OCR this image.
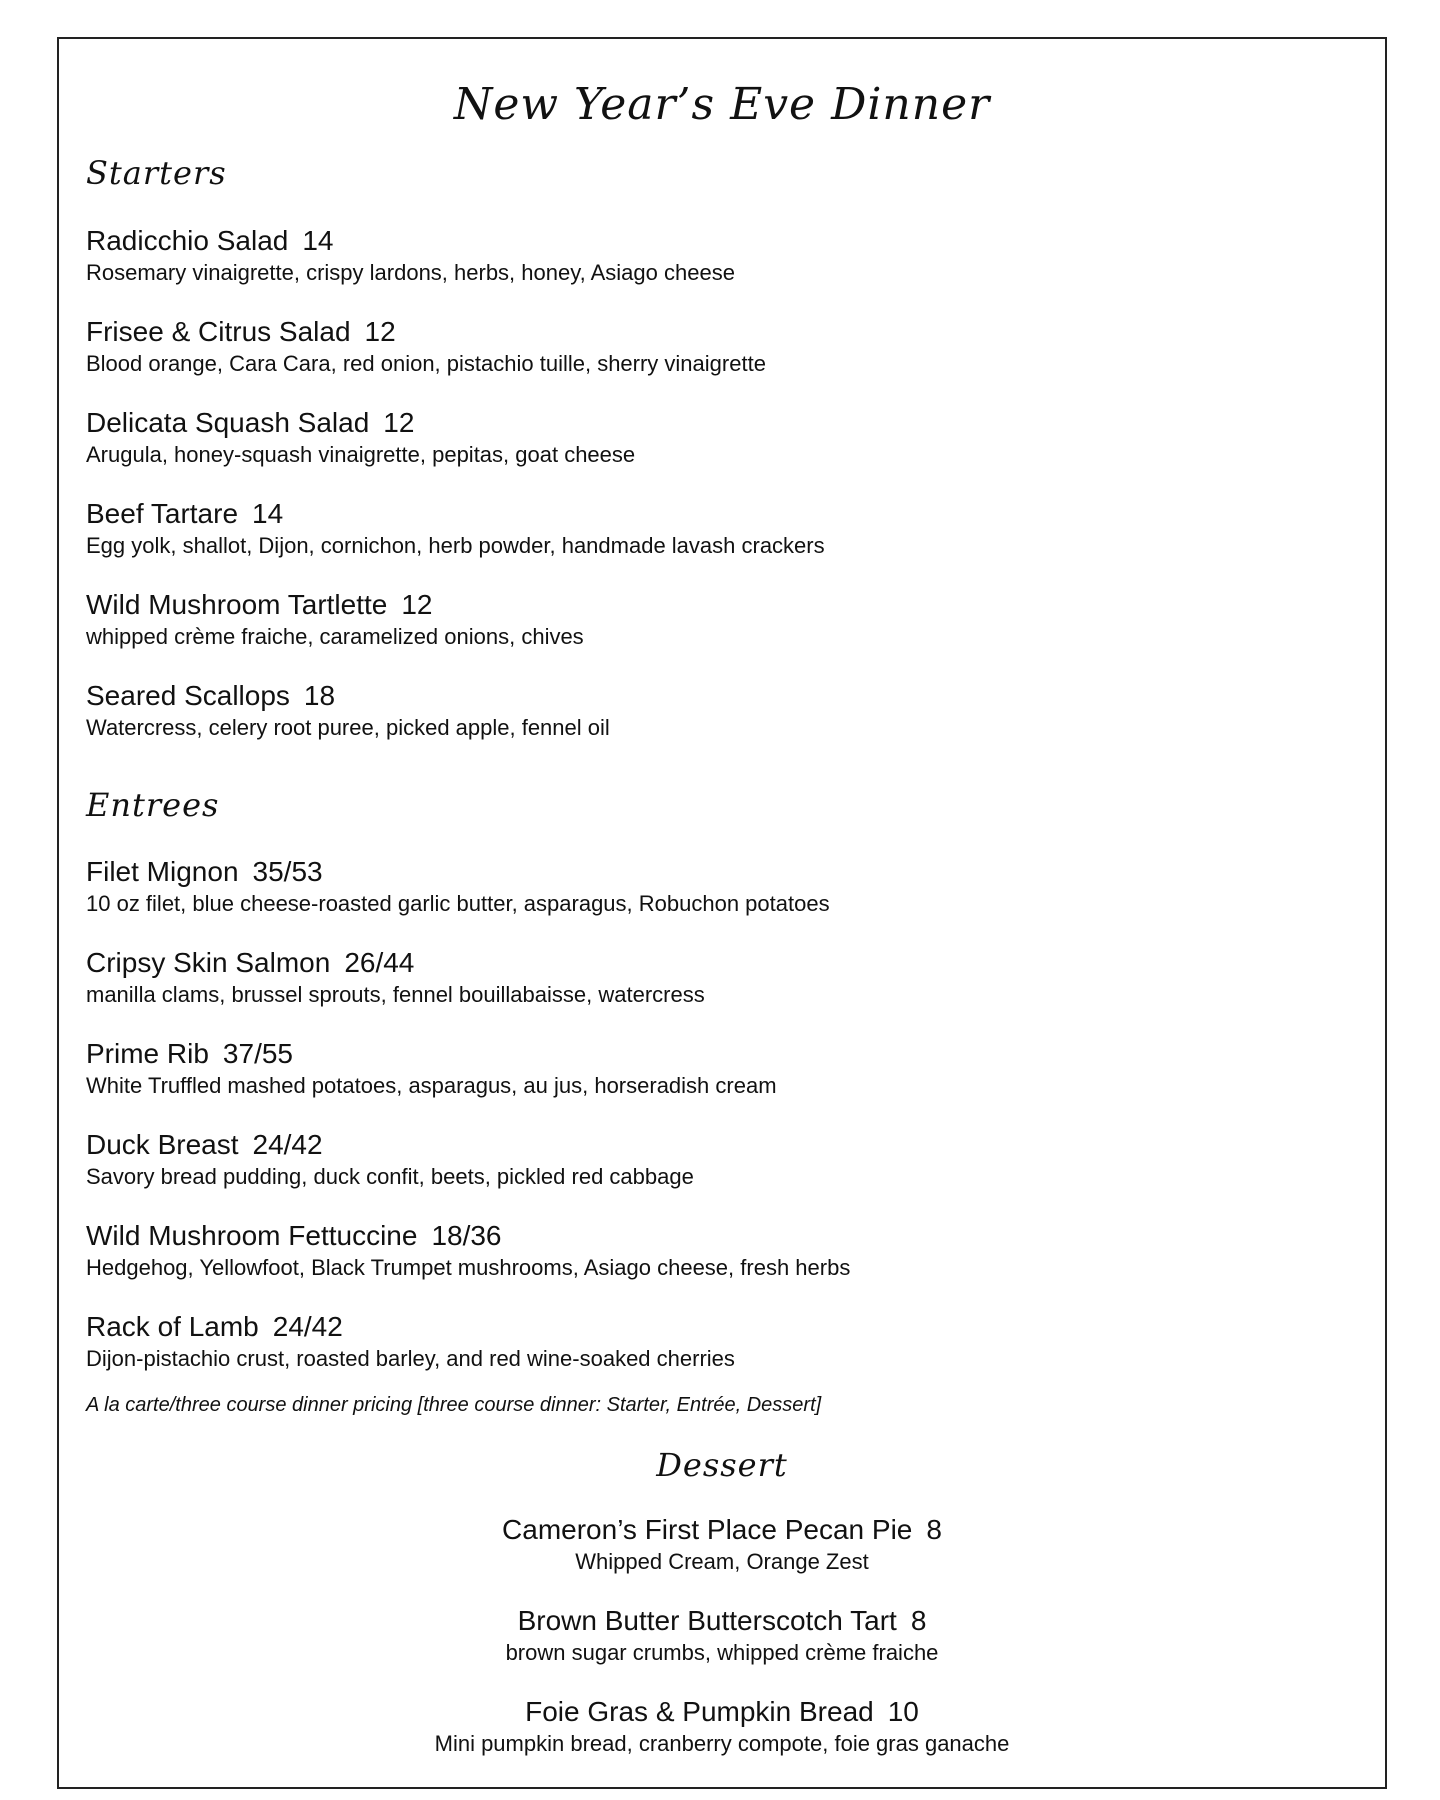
New Year’s Eve Dinner
Starters
Radicchio Salad 14
Rosemary vinaigrette, crispy lardons, herbs, honey, Asiago cheese
Frisee & Citrus Salad 12
Blood orange, Cara Cara, red onion, pistachio tuille, sherry vinaigrette
Delicata Squash Salad 12
Arugula, honey-squash vinaigrette, pepitas, goat cheese
Beef Tartare 14
Egg yolk, shallot, Dijon, cornichon, herb powder, handmade lavash crackers
Wild Mushroom Tartlette 12
whipped crème fraiche, caramelized onions, chives
Seared Scallops 18
Watercress, celery root puree, picked apple, fennel oil
Entrees
Filet Mignon 35/53
10 oz filet, blue cheese-roasted garlic butter, asparagus, Robuchon potatoes
Cripsy Skin Salmon 26/44
manilla clams, brussel sprouts, fennel bouillabaisse, watercress
Prime Rib 37/55
White Truffled mashed potatoes, asparagus, au jus, horseradish cream
Duck Breast 24/42
Savory bread pudding, duck confit, beets, pickled red cabbage
Wild Mushroom Fettuccine 18/36
Hedgehog, Yellowfoot, Black Trumpet mushrooms, Asiago cheese, fresh herbs
Rack of Lamb 24/42
Dijon-pistachio crust, roasted barley, and red wine-soaked cherries
A la carte/three course dinner pricing [three course dinner: Starter, Entrée, Dessert]
Dessert
Cameron’s First Place Pecan Pie 8
Whipped Cream, Orange Zest
Brown Butter Butterscotch Tart 8
brown sugar crumbs, whipped crème fraiche
Foie Gras & Pumpkin Bread 10
Mini pumpkin bread, cranberry compote, foie gras ganache
